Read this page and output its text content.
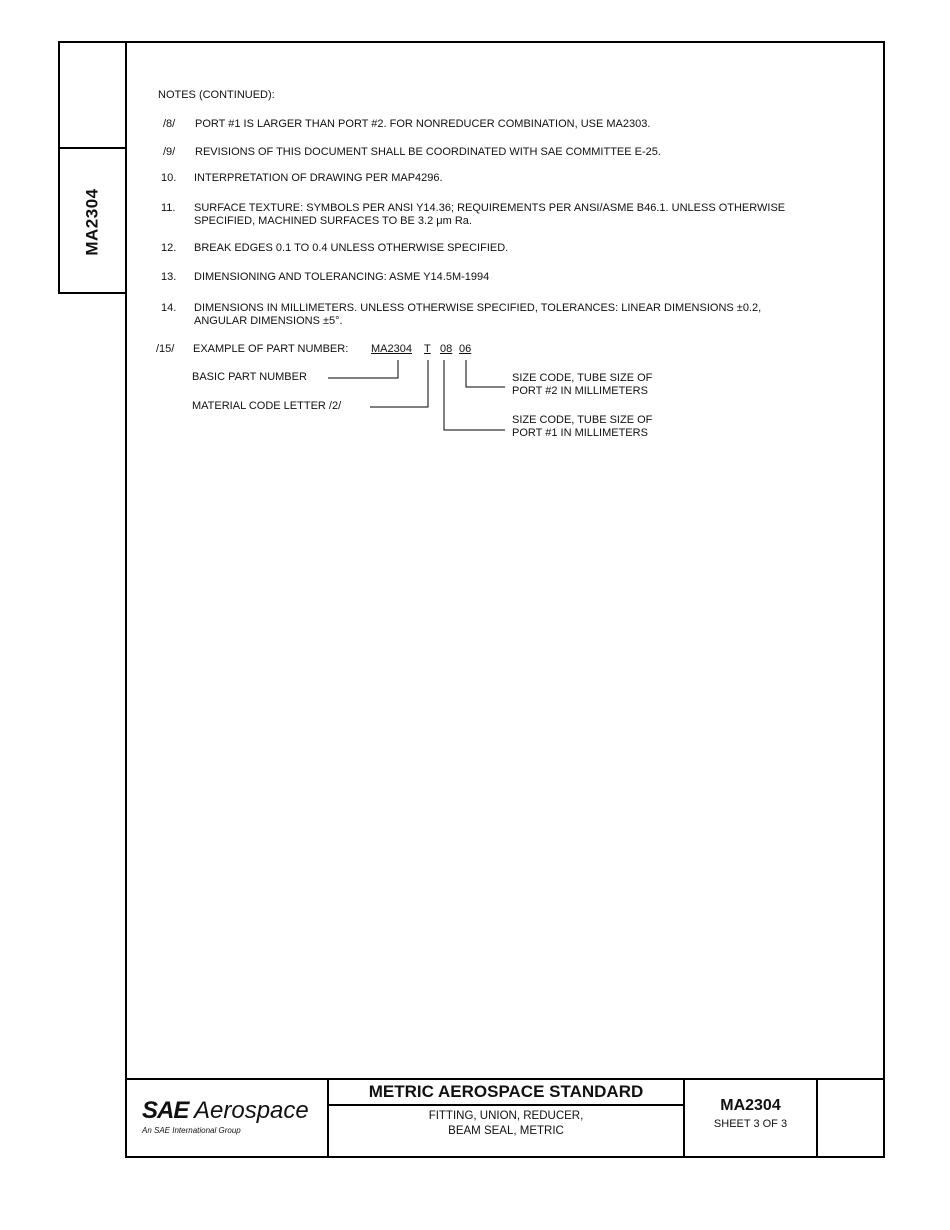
MA2304
NOTES (CONTINUED):
/8/ PORT #1 IS LARGER THAN PORT #2. FOR NONREDUCER COMBINATION, USE MA2303.
/9/ REVISIONS OF THIS DOCUMENT SHALL BE COORDINATED WITH SAE COMMITTEE E-25.
10. INTERPRETATION OF DRAWING PER MAP4296.
11. SURFACE TEXTURE: SYMBOLS PER ANSI Y14.36; REQUIREMENTS PER ANSI/ASME B46.1. UNLESS OTHERWISE
SPECIFIED, MACHINED SURFACES TO BE 3.2 μm Ra.
12. BREAK EDGES 0.1 TO 0.4 UNLESS OTHERWISE SPECIFIED.
13. DIMENSIONING AND TOLERANCING: ASME Y14.5M-1994
14. DIMENSIONS IN MILLIMETERS. UNLESS OTHERWISE SPECIFIED, TOLERANCES: LINEAR DIMENSIONS ±0.2,
ANGULAR DIMENSIONS ±5°.
/15/ EXAMPLE OF PART NUMBER: MA2304 T 08 06
BASIC PART NUMBER
MATERIAL CODE LETTER /2/
SIZE CODE, TUBE SIZE OF
PORT #2 IN MILLIMETERS
SIZE CODE, TUBE SIZE OF
PORT #1 IN MILLIMETERS
METRIC AEROSPACE STANDARD
FITTING, UNION, REDUCER,
BEAM SEAL, METRIC
MA2304
SHEET 3 OF 3
SAE Aerospace
An SAE International Group
